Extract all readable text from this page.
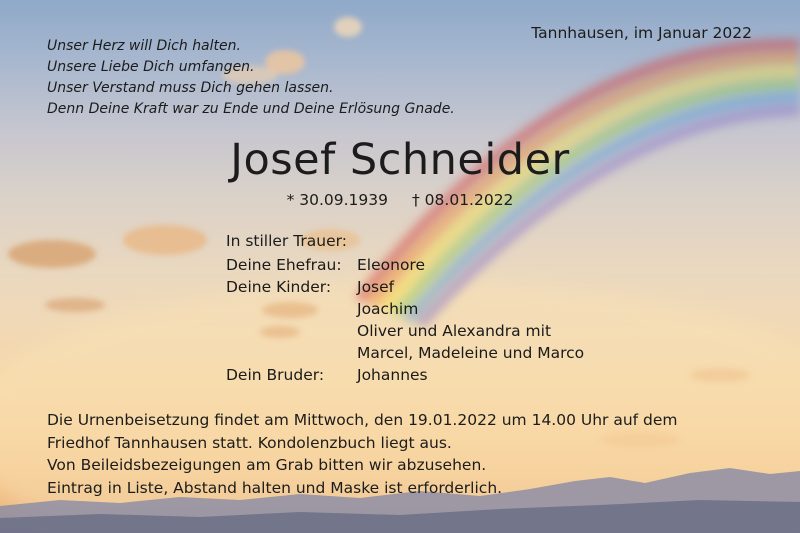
Unser Herz will Dich halten.
Unsere Liebe Dich umfangen.
Unser Verstand muss Dich gehen lassen.
Denn Deine Kraft war zu Ende und Deine Erlösung Gnade.
Tannhausen, im Januar 2022
Josef Schneider
* 30.09.1939 † 08.01.2022
In stiller Trauer:
Deine Ehefrau: Eleonore
Deine Kinder: Josef
Joachim
Oliver und Alexandra mit
Marcel, Madeleine und Marco
Dein Bruder: Johannes
Die Urnenbeisetzung findet am Mittwoch, den 19.01.2022 um 14.00 Uhr auf dem
Friedhof Tannhausen statt. Kondolenzbuch liegt aus.
Von Beileidsbezeigungen am Grab bitten wir abzusehen.
Eintrag in Liste, Abstand halten und Maske ist erforderlich.
